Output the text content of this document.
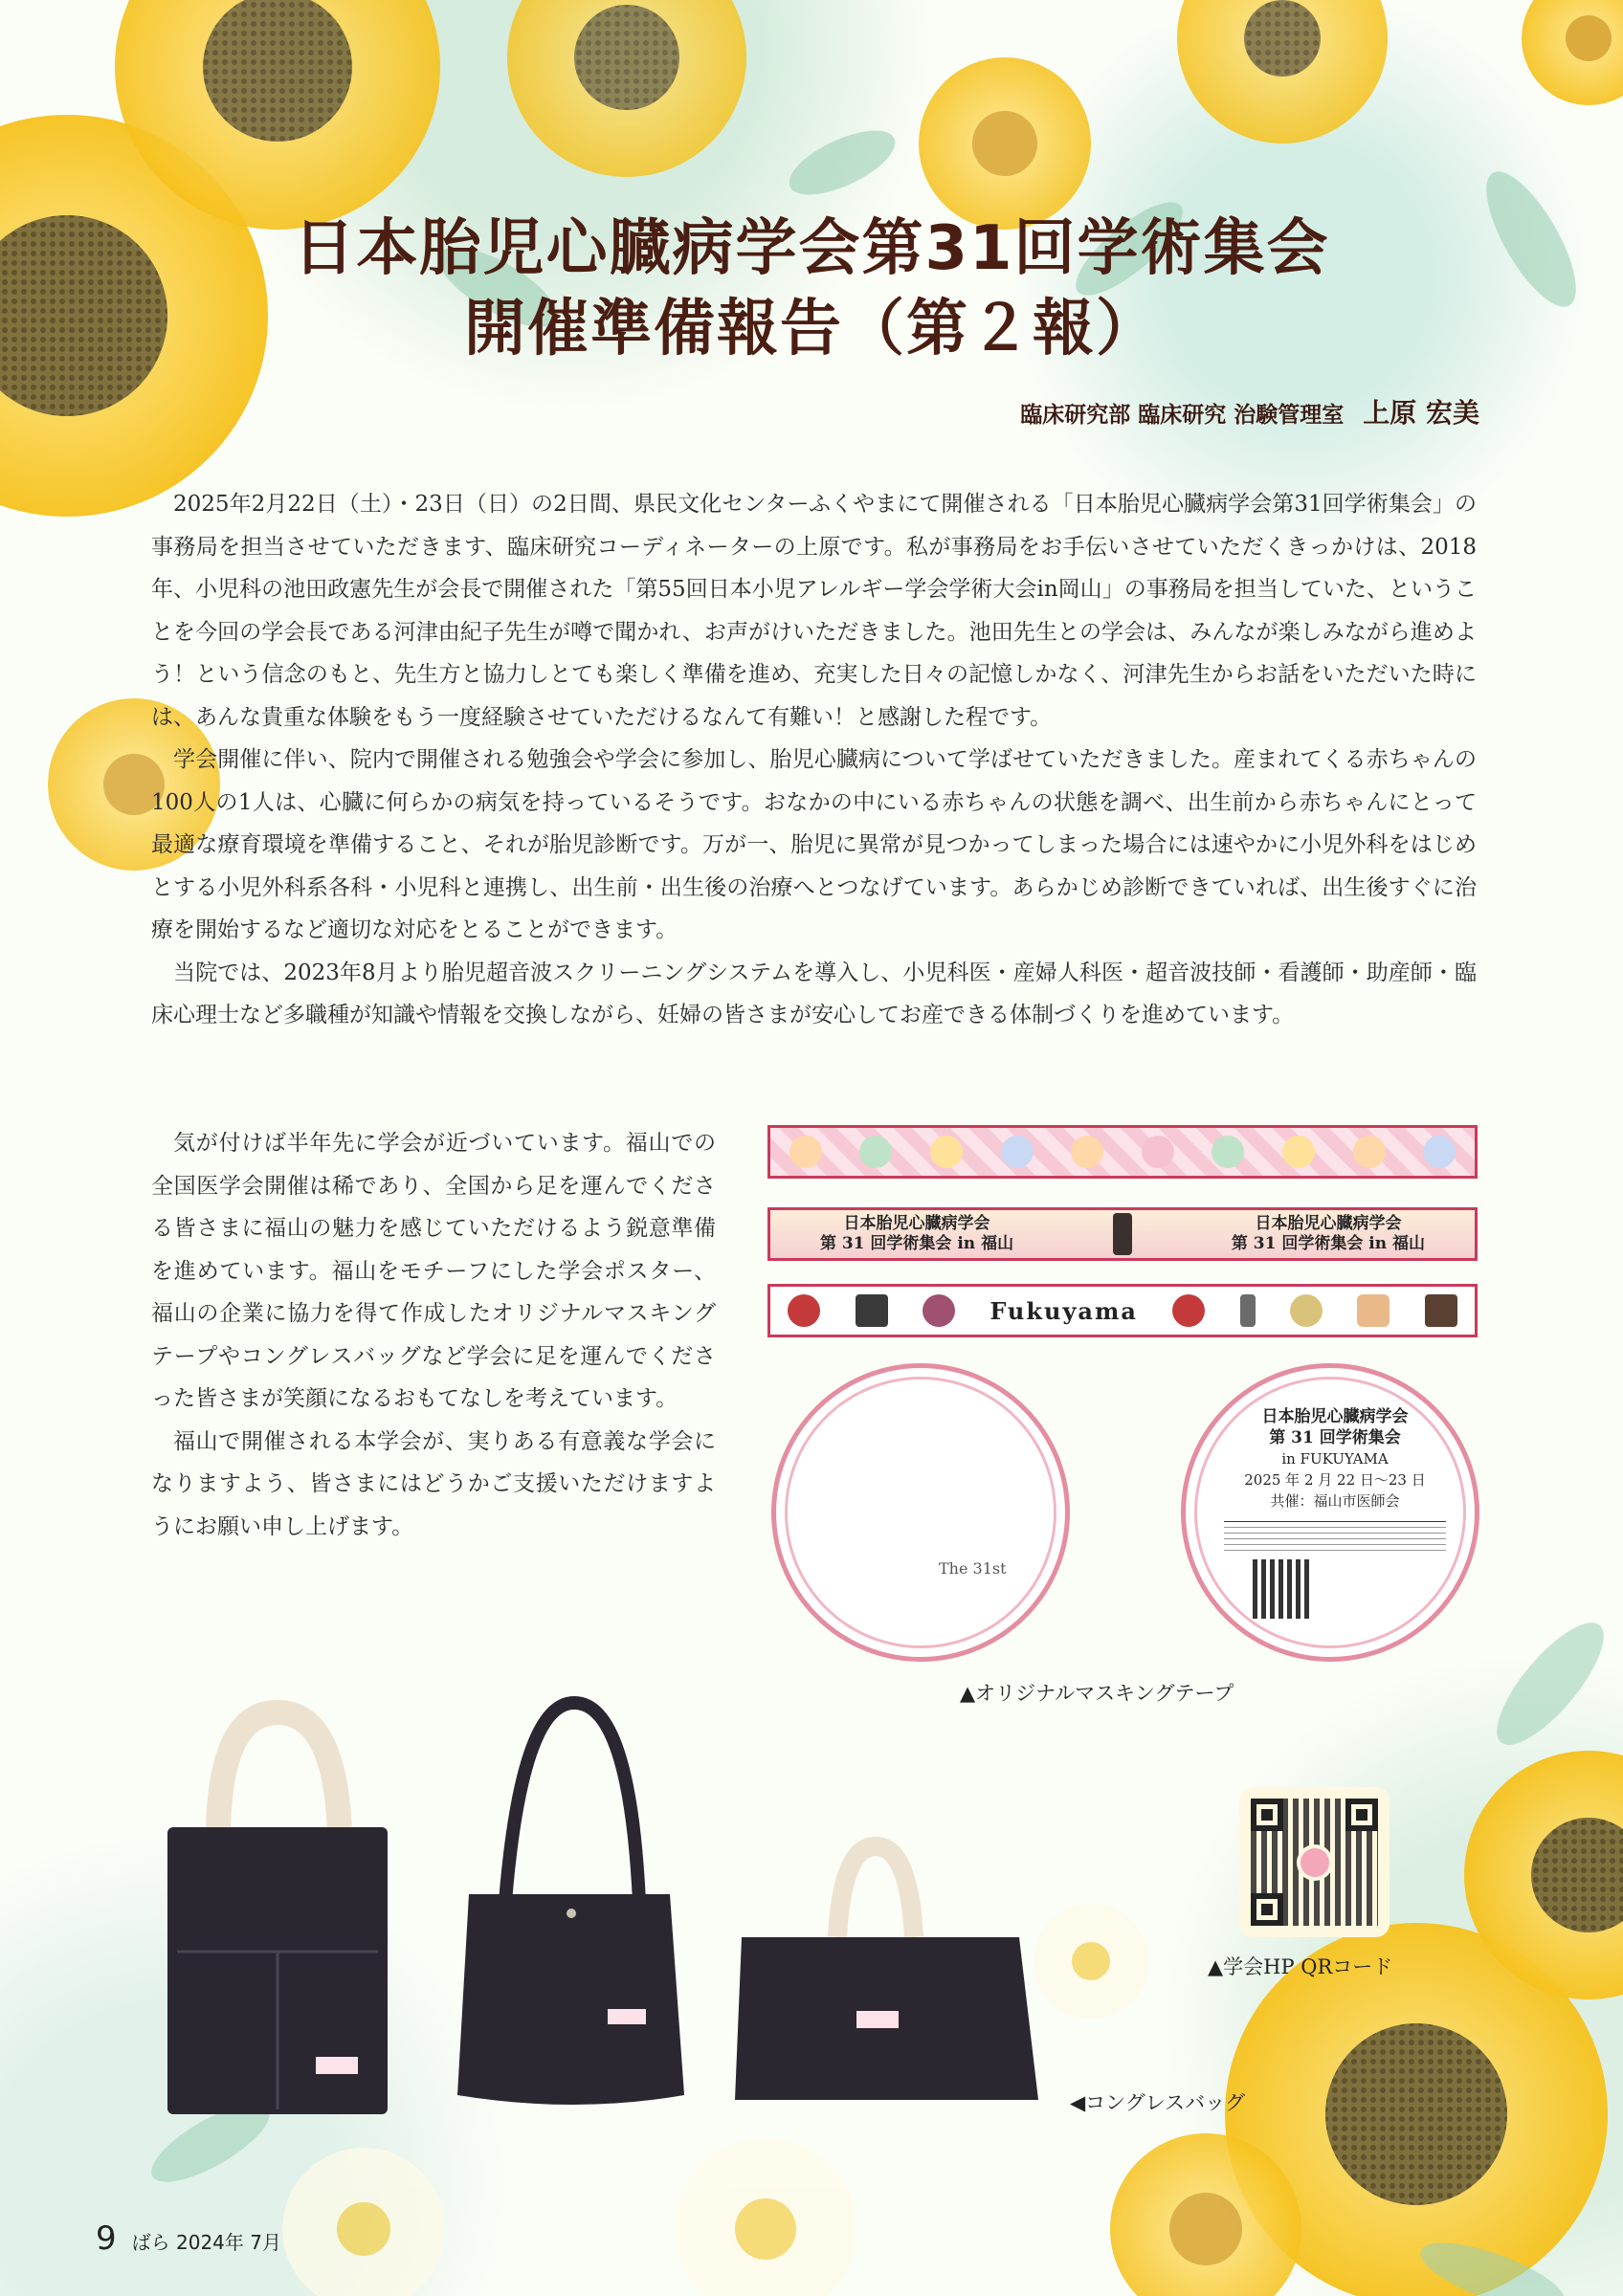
日本胎児心臓病学会第31回学術集会
開催準備報告（第２報）
臨床研究部 臨床研究 治験管理室 上原 宏美

2025年2月22日（土）・23日（日）の2日間、県民文化センターふくやまにて開催される「日本胎児心臓病学会第31回学術集会」の事務局を担当させていただきます、臨床研究コーディネーターの上原です。私が事務局をお手伝いさせていただくきっかけは、2018年、小児科の池田政憲先生が会長で開催された「第55回日本小児アレルギー学会学術大会in岡山」の事務局を担当していた、ということを今回の学会長である河津由紀子先生が噂で聞かれ、お声がけいただきました。池田先生との学会は、みんなが楽しみながら進めよう！という信念のもと、先生方と協力しとても楽しく準備を進め、充実した日々の記憶しかなく、河津先生からお話をいただいた時には、あんな貴重な体験をもう一度経験させていただけるなんて有難い！と感謝した程です。

学会開催に伴い、院内で開催される勉強会や学会に参加し、胎児心臓病について学ばせていただきました。産まれてくる赤ちゃんの100人の1人は、心臓に何らかの病気を持っているそうです。おなかの中にいる赤ちゃんの状態を調べ、出生前から赤ちゃんにとって最適な療育環境を準備すること、それが胎児診断です。万が一、胎児に異常が見つかってしまった場合には速やかに小児外科をはじめとする小児外科系各科・小児科と連携し、出生前・出生後の治療へとつなげています。あらかじめ診断できていれば、出生後すぐに治療を開始するなど適切な対応をとることができます。

当院では、2023年8月より胎児超音波スクリーニングシステムを導入し、小児科医・産婦人科医・超音波技師・看護師・助産師・臨床心理士など多職種が知識や情報を交換しながら、妊婦の皆さまが安心してお産できる体制づくりを進めています。

気が付けば半年先に学会が近づいています。福山での全国医学会開催は稀であり、全国から足を運んでくださる皆さまに福山の魅力を感じていただけるよう鋭意準備を進めています。福山をモチーフにした学会ポスター、福山の企業に協力を得て作成したオリジナルマスキングテープやコングレスバッグなど学会に足を運んでくださった皆さまが笑顔になるおもてなしを考えています。

福山で開催される本学会が、実りある有意義な学会になりますよう、皆さまにはどうかご支援いただけますようにお願い申し上げます。

日本胎児心臓病学会
第 31 回学術集会 in 福山
日本胎児心臓病学会
第 31 回学術集会 in 福山
Fukuyama
The 31st
日本胎児心臓病学会
第 31 回学術集会
in FUKUYAMA
2025 年 2 月 22 日～23 日
共催：福山市医師会
▲オリジナルマスキングテープ
▲学会HP QRコード
◀コングレスバッグ
9 ばら 2024年 7月
